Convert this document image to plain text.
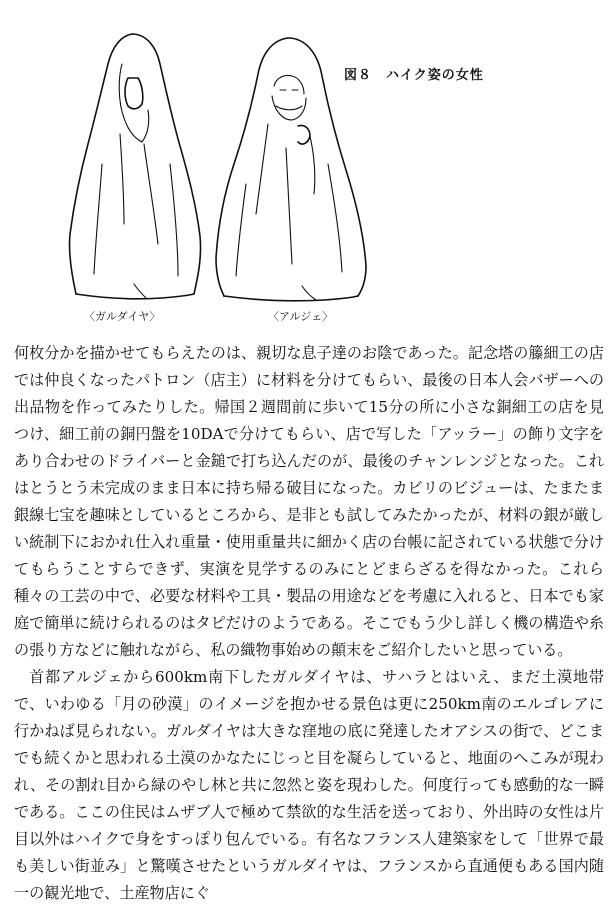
〈ガルダイヤ〉	〈アルジェ〉
図８　ハイク姿の女性

何枚分かを描かせてもらえたのは、親切な息子達のお陰であった。記念塔の籐細工の店では仲良くなったパトロン（店主）に材料を分けてもらい、最後の日本人会バザーへの出品物を作ってみたりした。帰国２週間前に歩いて15分の所に小さな銅細工の店を見つけ、細工前の銅円盤を10DAで分けてもらい、店で写した「アッラー」の飾り文字をあり合わせのドライバーと金鎚で打ち込んだのが、最後のチャンレンジとなった。これはとうとう未完成のまま日本に持ち帰る破目になった。カビリのビジューは、たまたま銀線七宝を趣味としているところから、是非とも試してみたかったが、材料の銀が厳しい統制下におかれ仕入れ重量・使用重量共に細かく店の台帳に記されている状態で分けてもらうことすらできず、実演を見学するのみにとどまらざるを得なかった。これら種々の工芸の中で、必要な材料や工具・製品の用途などを考慮に入れると、日本でも家庭で簡単に続けられるのはタピだけのようである。そこでもう少し詳しく機の構造や糸の張り方などに触れながら、私の織物事始めの顛末をご紹介したいと思っている。

首都アルジェから600km南下したガルダイヤは、サハラとはいえ、まだ土漠地帯で、いわゆる「月の砂漠」のイメージを抱かせる景色は更に250km南のエルゴレアに行かねば見られない。ガルダイヤは大きな窪地の底に発達したオアシスの街で、どこまでも続くかと思われる土漠のかなたにじっと目を凝らしていると、地面のへこみが現われ、その割れ目から緑のやし林と共に忽然と姿を現わした。何度行っても感動的な一瞬である。ここの住民はムザブ人で極めて禁欲的な生活を送っており、外出時の女性は片目以外はハイクで身をすっぽり包んでいる。有名なフランス人建築家をして「世界で最も美しい街並み」と驚嘆させたというガルダイヤは、フランスから直通便もある国内随一の観光地で、土産物店にぐ
